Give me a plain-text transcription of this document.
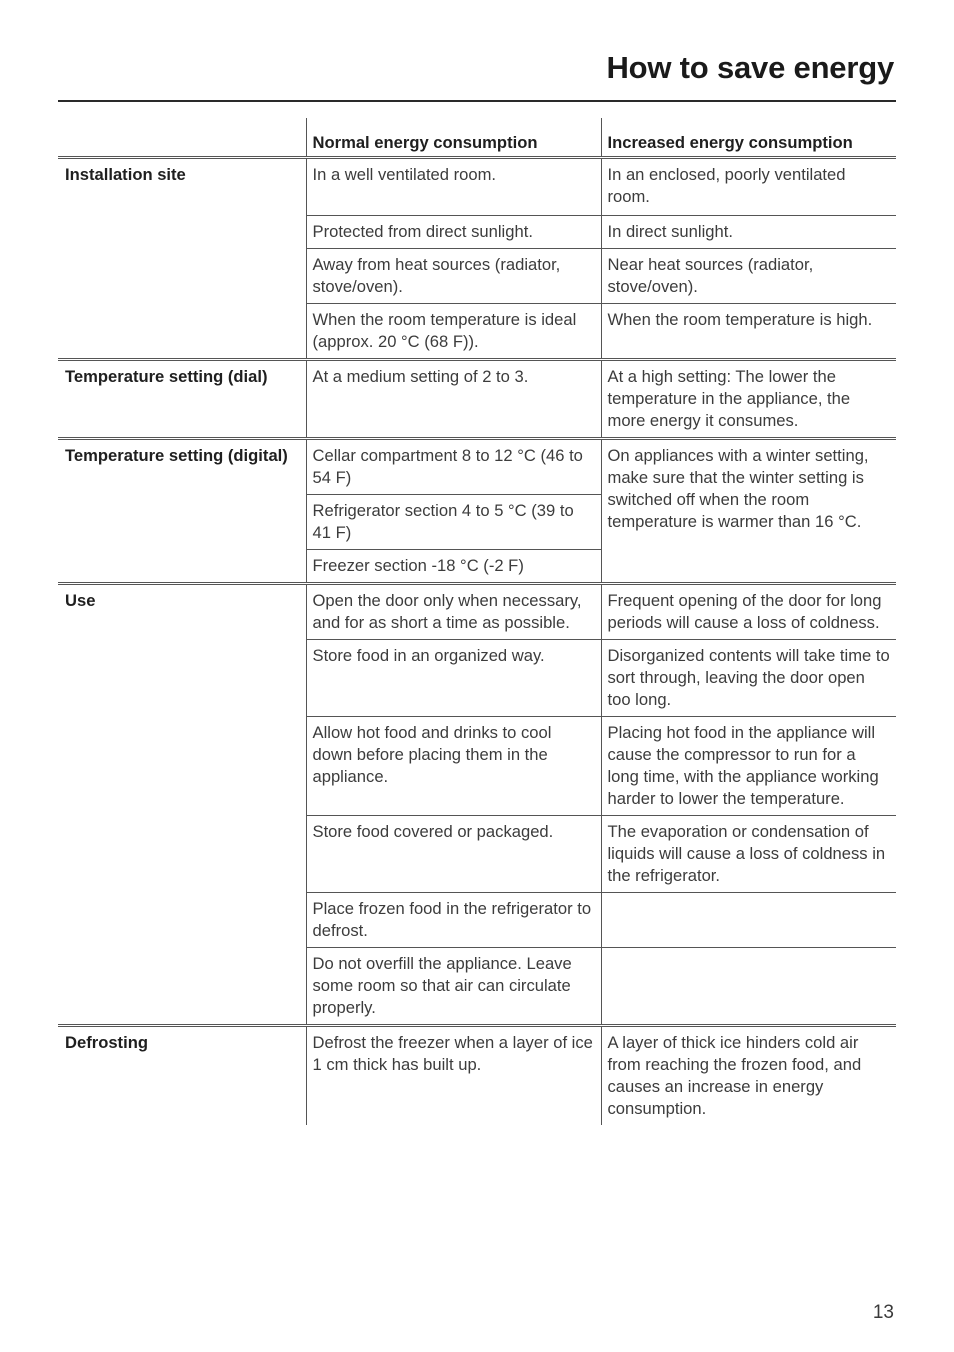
How to save energy
	Normal energy consumption	Increased energy consumption
Installation site	In a well ventilated room.	In an enclosed, poorly ventilated room.
	Protected from direct sunlight.	In direct sunlight.
	Away from heat sources (radiator, stove/oven).	Near heat sources (radiator, stove/oven).
	When the room temperature is ideal (approx. 20 °C (68 F)).	When the room temperature is high.
Temperature setting (dial)	At a medium setting of 2 to 3.	At a high setting: The lower the temperature in the appliance, the more energy it consumes.
Temperature setting (digital)	Cellar compartment 8 to 12 °C (46 to 54 F)	On appliances with a winter setting, make sure that the winter setting is switched off when the room temperature is warmer than 16 °C.
	Refrigerator section 4 to 5 °C (39 to 41 F)	
	Freezer section -18 °C (-2 F)	
Use	Open the door only when necessary, and for as short a time as possible.	Frequent opening of the door for long periods will cause a loss of coldness.
	Store food in an organized way.	Disorganized contents will take time to sort through, leaving the door open too long.
	Allow hot food and drinks to cool down before placing them in the appliance.	Placing hot food in the appliance will cause the compressor to run for a long time, with the appliance working harder to lower the temperature.
	Store food covered or packaged.	The evaporation or condensation of liquids will cause a loss of coldness in the refrigerator.
	Place frozen food in the refrigerator to defrost.	
	Do not overfill the appliance. Leave some room so that air can circulate properly.	
Defrosting	Defrost the freezer when a layer of ice 1 cm thick has built up.	A layer of thick ice hinders cold air from reaching the frozen food, and causes an increase in energy consumption.
13
